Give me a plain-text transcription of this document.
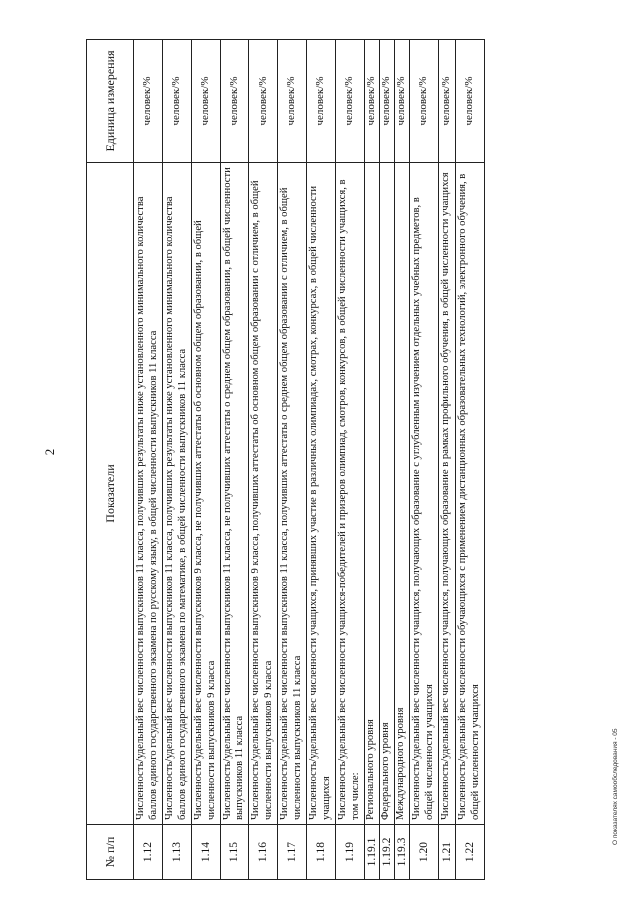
2
О показателях самообследования - 05
№ п/п	Показатели	Единица измерения
1.12	Численность/удельный вес численности выпускников 11 класса, получивших результаты ниже установленного минимального количества баллов единого государственного экзамена по русскому языку, в общей численности выпускников 11 класса	человек/%
1.13	Численность/удельный вес численности выпускников 11 класса, получивших результаты ниже установленного минимального количества баллов единого государственного экзамена по математике, в общей численности выпускников 11 класса	человек/%
1.14	Численность/удельный вес численности выпускников 9 класса, не получивших аттестаты об основном общем образовании, в общей численности выпускников 9 класса	человек/%
1.15	Численность/удельный вес численности выпускников 11 класса, не получивших аттестаты о среднем общем образовании, в общей численности выпускников 11 класса	человек/%
1.16	Численность/удельный вес численности выпускников 9 класса, получивших аттестаты об основном общем образовании с отличием, в общей численности выпускников 9 класса	человек/%
1.17	Численность/удельный вес численности выпускников 11 класса, получивших аттестаты о среднем общем образовании с отличием, в общей численности выпускников 11 класса	человек/%
1.18	Численность/удельный вес численности учащихся, принявших участие в различных олимпиадах, смотрах, конкурсах, в общей численности учащихся	человек/%
1.19	Численность/удельный вес численности учащихся-победителей и призеров олимпиад, смотров, конкурсов, в общей численности учащихся, в том числе:	человек/%
1.19.1	Регионального уровня	человек/%
1.19.2	Федерального уровня	человек/%
1.19.3	Международного уровня	человек/%
1.20	Численность/удельный вес численности учащихся, получающих образование с углубленным изучением отдельных учебных предметов, в общей численности учащихся	человек/%
1.21	Численность/удельный вес численности учащихся, получающих образование в рамках профильного обучения, в общей численности учащихся	человек/%
1.22	Численность/удельный вес численности обучающихся с применением дистанционных образовательных технологий, электронного обучения, в общей численности учащихся	человек/%
